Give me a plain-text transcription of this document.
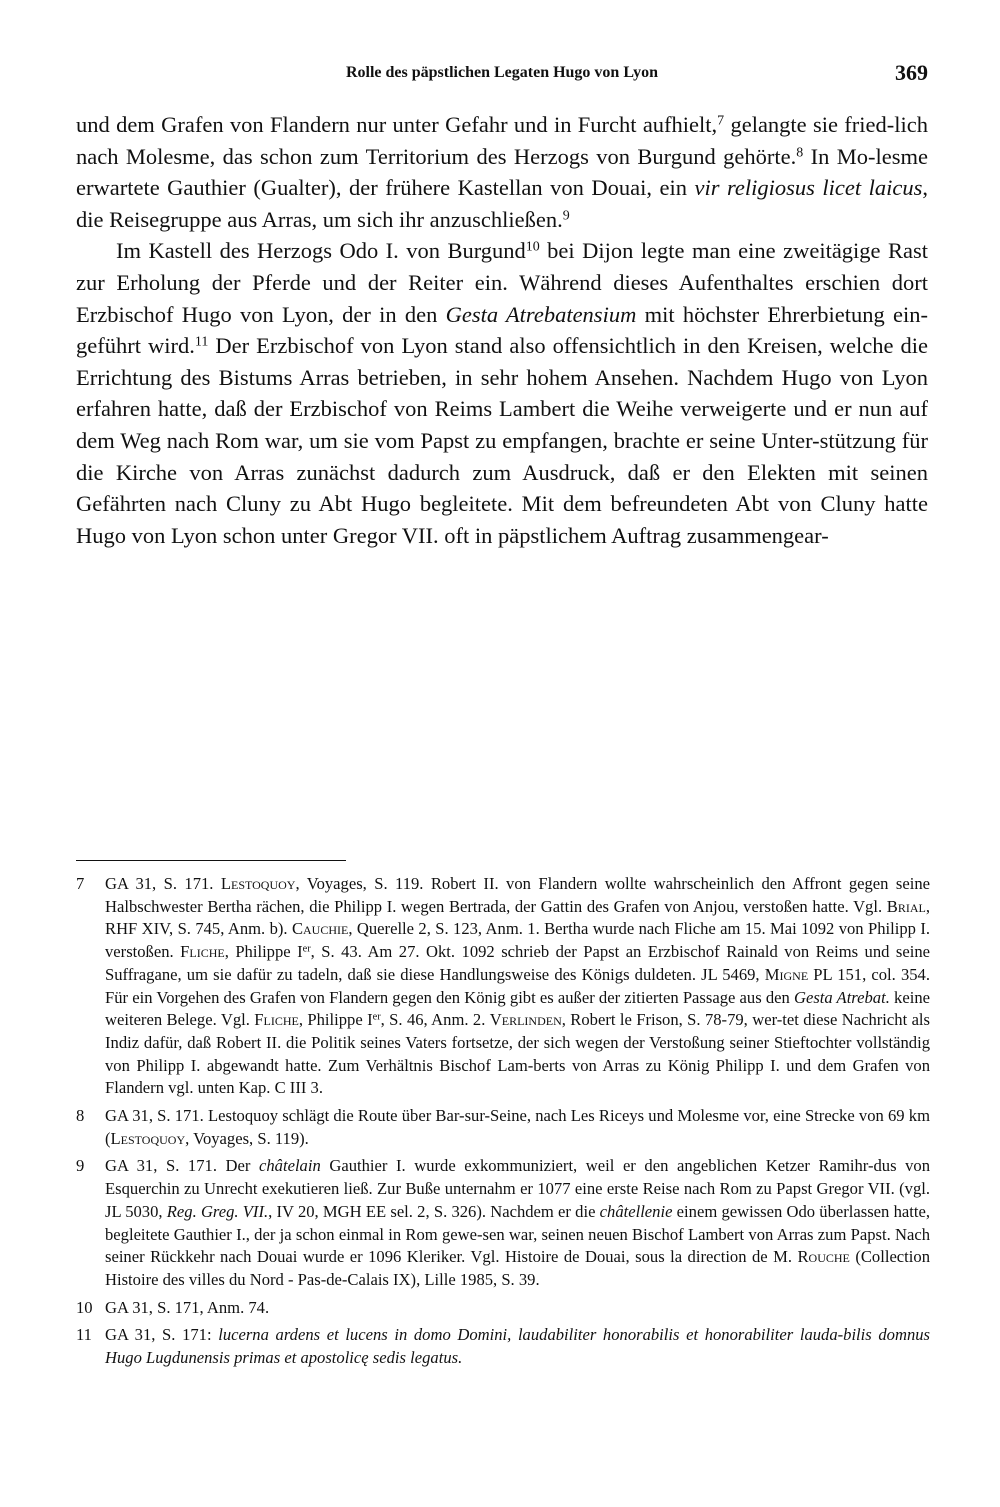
Rolle des päpstlichen Legaten Hugo von Lyon	369

und dem Grafen von Flandern nur unter Gefahr und in Furcht aufhielt,$^7$ gelangte sie fried-lich nach Molesme, das schon zum Territorium des Herzogs von Burgund gehörte.$^8$ In Mo-lesme erwartete Gauthier (Gualter), der frühere Kastellan von Douai, ein vir religiosus licet laicus, die Reisegruppe aus Arras, um sich ihr anzuschließen.$^9$

Im Kastell des Herzogs Odo I. von Burgund$^{10}$ bei Dijon legte man eine zweitägige Rast zur Erholung der Pferde und der Reiter ein. Während dieses Aufenthaltes erschien dort Erzbischof Hugo von Lyon, der in den Gesta Atrebatensium mit höchster Ehrerbietung ein-geführt wird.$^{11}$ Der Erzbischof von Lyon stand also offensichtlich in den Kreisen, welche die Errichtung des Bistums Arras betrieben, in sehr hohem Ansehen. Nachdem Hugo von Lyon erfahren hatte, daß der Erzbischof von Reims Lambert die Weihe verweigerte und er nun auf dem Weg nach Rom war, um sie vom Papst zu empfangen, brachte er seine Unter-stützung für die Kirche von Arras zunächst dadurch zum Ausdruck, daß er den Elekten mit seinen Gefährten nach Cluny zu Abt Hugo begleitete. Mit dem befreundeten Abt von Cluny hatte Hugo von Lyon schon unter Gregor VII. oft in päpstlichem Auftrag zusammengear-

7 GA 31, S. 171. Lestoquoy, Voyages, S. 119. Robert II. von Flandern wollte wahrscheinlich den Affront gegen seine Halbschwester Bertha rächen, die Philipp I. wegen Bertrada, der Gattin des Grafen von Anjou, verstoßen hatte. Vgl. Brial, RHF XIV, S. 745, Anm. b). Cauchie, Querelle 2, S. 123, Anm. 1. Bertha wurde nach Fliche am 15. Mai 1092 von Philipp I. verstoßen. Fliche, Philippe Ier, S. 43. Am 27. Okt. 1092 schrieb der Papst an Erzbischof Rainald von Reims und seine Suffragane, um sie dafür zu tadeln, daß sie diese Handlungsweise des Königs duldeten. JL 5469, Migne PL 151, col. 354. Für ein Vorgehen des Grafen von Flandern gegen den König gibt es außer der zitierten Passage aus den Gesta Atrebat. keine weiteren Belege. Vgl. Fliche, Philippe Ier, S. 46, Anm. 2. Verlinden, Robert le Frison, S. 78-79, wer-tet diese Nachricht als Indiz dafür, daß Robert II. die Politik seines Vaters fortsetze, der sich wegen der Verstoßung seiner Stieftochter vollständig von Philipp I. abgewandt hatte. Zum Verhältnis Bischof Lam-berts von Arras zu König Philipp I. und dem Grafen von Flandern vgl. unten Kap. C III 3.
8 GA 31, S. 171. Lestoquoy schlägt die Route über Bar-sur-Seine, nach Les Riceys und Molesme vor, eine Strecke von 69 km (Lestoquoy, Voyages, S. 119).
9 GA 31, S. 171. Der châtelain Gauthier I. wurde exkommuniziert, weil er den angeblichen Ketzer Ramihr-dus von Esquerchin zu Unrecht exekutieren ließ. Zur Buße unternahm er 1077 eine erste Reise nach Rom zu Papst Gregor VII. (vgl. JL 5030, Reg. Greg. VII., IV 20, MGH EE sel. 2, S. 326). Nachdem er die châtellenie einem gewissen Odo überlassen hatte, begleitete Gauthier I., der ja schon einmal in Rom gewe-sen war, seinen neuen Bischof Lambert von Arras zum Papst. Nach seiner Rückkehr nach Douai wurde er 1096 Kleriker. Vgl. Histoire de Douai, sous la direction de M. Rouche (Collection Histoire des villes du Nord - Pas-de-Calais IX), Lille 1985, S. 39.
10 GA 31, S. 171, Anm. 74.
11 GA 31, S. 171: lucerna ardens et lucens in domo Domini, laudabiliter honorabilis et honorabiliter lauda-bilis domnus Hugo Lugdunensis primas et apostolicę sedis legatus.
